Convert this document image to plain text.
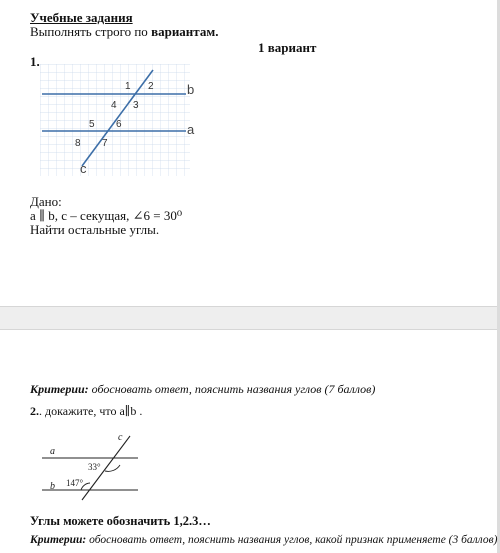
Учебные задания
Выполнять строго по вариантам.
1 вариант
1.
b
a
c
1 2
3
4
5 6
7
8
Дано:
a ∥ b, c – секущая, ∠6 = 30⁰
Найти остальные углы.
Критерии: обосновать ответ, пояснить названия углов (7 баллов)
2.. докажите, что a∥b .
a
b
c
33°
147°
Углы можете обозначить 1,2.3…
Критерии: обосновать ответ, пояснить названия углов, какой признак применяете (3 баллов)
